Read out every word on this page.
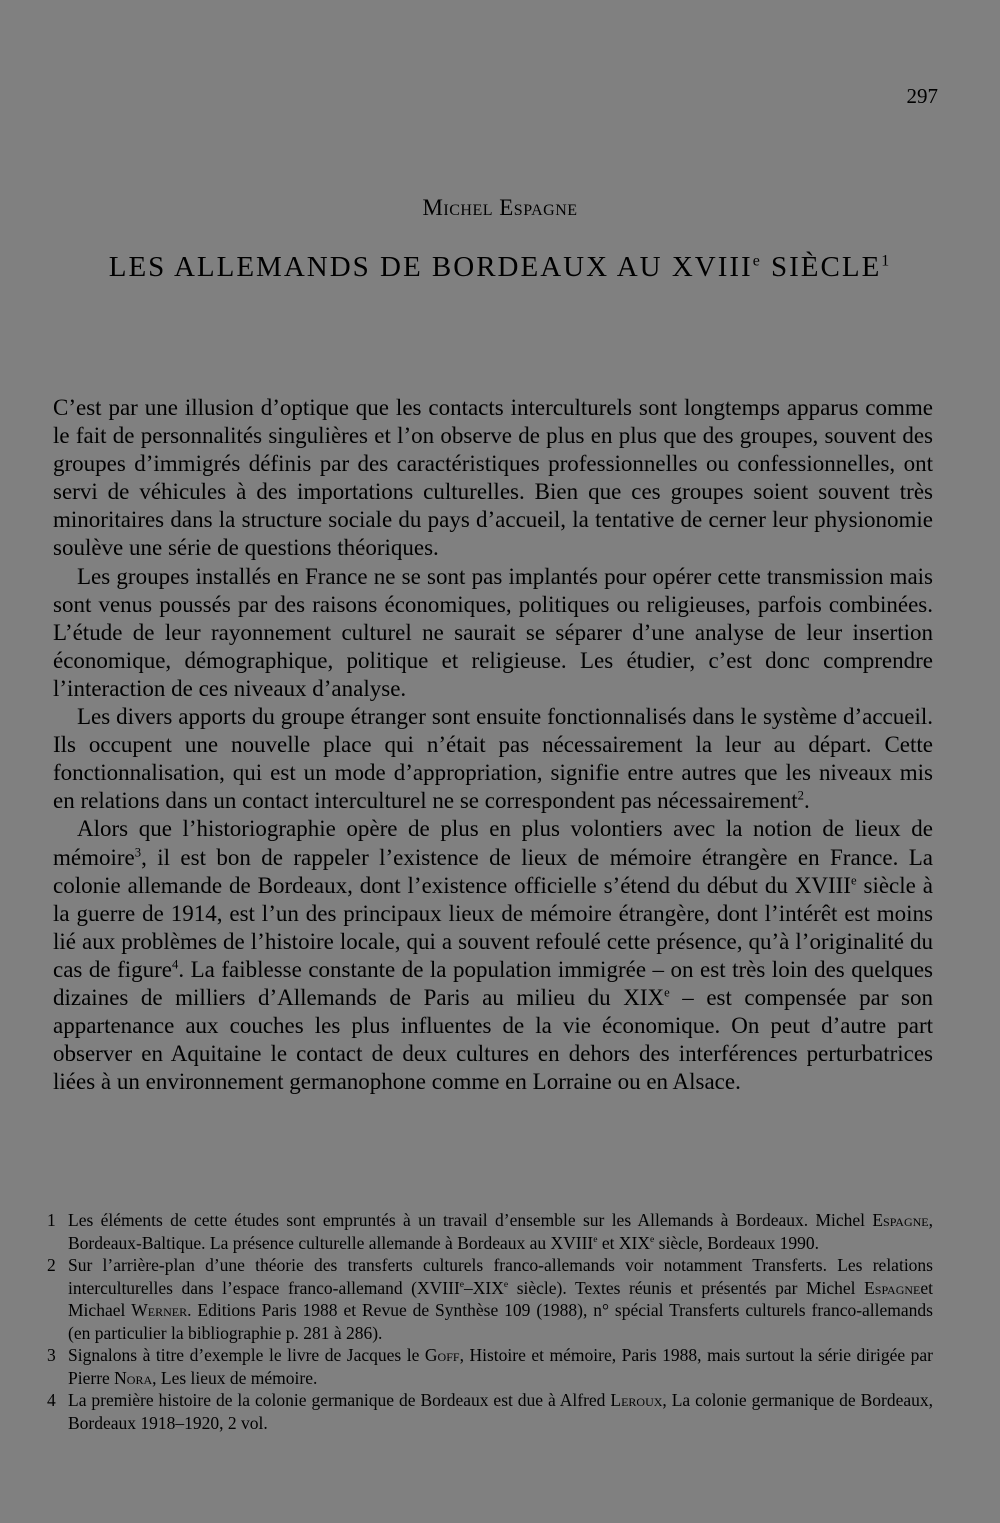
297
Michel Espagne
LES ALLEMANDS DE BORDEAUX AU XVIIIe SIÈCLE$^1$

C’est par une illusion d’optique que les contacts interculturels sont longtemps apparus comme le fait de personnalités singulières et l’on observe de plus en plus que des groupes, souvent des groupes d’immigrés définis par des caractéristiques professionnelles ou confessionnelles, ont servi de véhicules à des importations culturelles. Bien que ces groupes soient souvent très minoritaires dans la structure sociale du pays d’accueil, la tentative de cerner leur physionomie soulève une série de questions théoriques.

Les groupes installés en France ne se sont pas implantés pour opérer cette transmission mais sont venus poussés par des raisons économiques, politiques ou religieuses, parfois combinées. L’étude de leur rayonnement culturel ne saurait se séparer d’une analyse de leur insertion économique, démographique, politique et religieuse. Les étudier, c’est donc comprendre l’interaction de ces niveaux d’analyse.

Les divers apports du groupe étranger sont ensuite fonctionnalisés dans le système d’accueil. Ils occupent une nouvelle place qui n’était pas nécessairement la leur au départ. Cette fonctionnalisation, qui est un mode d’appropriation, signifie entre autres que les niveaux mis en relations dans un contact interculturel ne se correspondent pas nécessairement$^2$.

Alors que l’historiographie opère de plus en plus volontiers avec la notion de lieux de mémoire$^3$, il est bon de rappeler l’existence de lieux de mémoire étrangère en France. La colonie allemande de Bordeaux, dont l’existence officielle s’étend du début du XVIIIe siècle à la guerre de 1914, est l’un des principaux lieux de mémoire étrangère, dont l’intérêt est moins lié aux problèmes de l’histoire locale, qui a souvent refoulé cette présence, qu’à l’originalité du cas de figure$^4$. La faiblesse constante de la population immigrée – on est très loin des quelques dizaines de milliers d’Allemands de Paris au milieu du XIXe – est compensée par son appartenance aux couches les plus influentes de la vie économique. On peut d’autre part observer en Aquitaine le contact de deux cultures en dehors des interférences perturbatrices liées à un environnement germanophone comme en Lorraine ou en Alsace.

1 Les éléments de cette études sont empruntés à un travail d’ensemble sur les Allemands à Bordeaux. Michel Espagne, Bordeaux-Baltique. La présence culturelle allemande à Bordeaux au XVIIIe et XIXe siècle, Bordeaux 1990.

2 Sur l’arrière-plan d’une théorie des transferts culturels franco-allemands voir notamment Transferts. Les relations interculturelles dans l’espace franco-allemand (XVIIIe–XIXe siècle). Textes réunis et présentés par Michel Espagneet Michael Werner. Editions Paris 1988 et Revue de Synthèse 109 (1988), n° spécial Transferts culturels franco-allemands (en particulier la bibliographie p. 281 à 286).

3 Signalons à titre d’exemple le livre de Jacques le Goff, Histoire et mémoire, Paris 1988, mais surtout la série dirigée par Pierre Nora, Les lieux de mémoire.

4 La première histoire de la colonie germanique de Bordeaux est due à Alfred Leroux, La colonie germanique de Bordeaux, Bordeaux 1918–1920, 2 vol.
